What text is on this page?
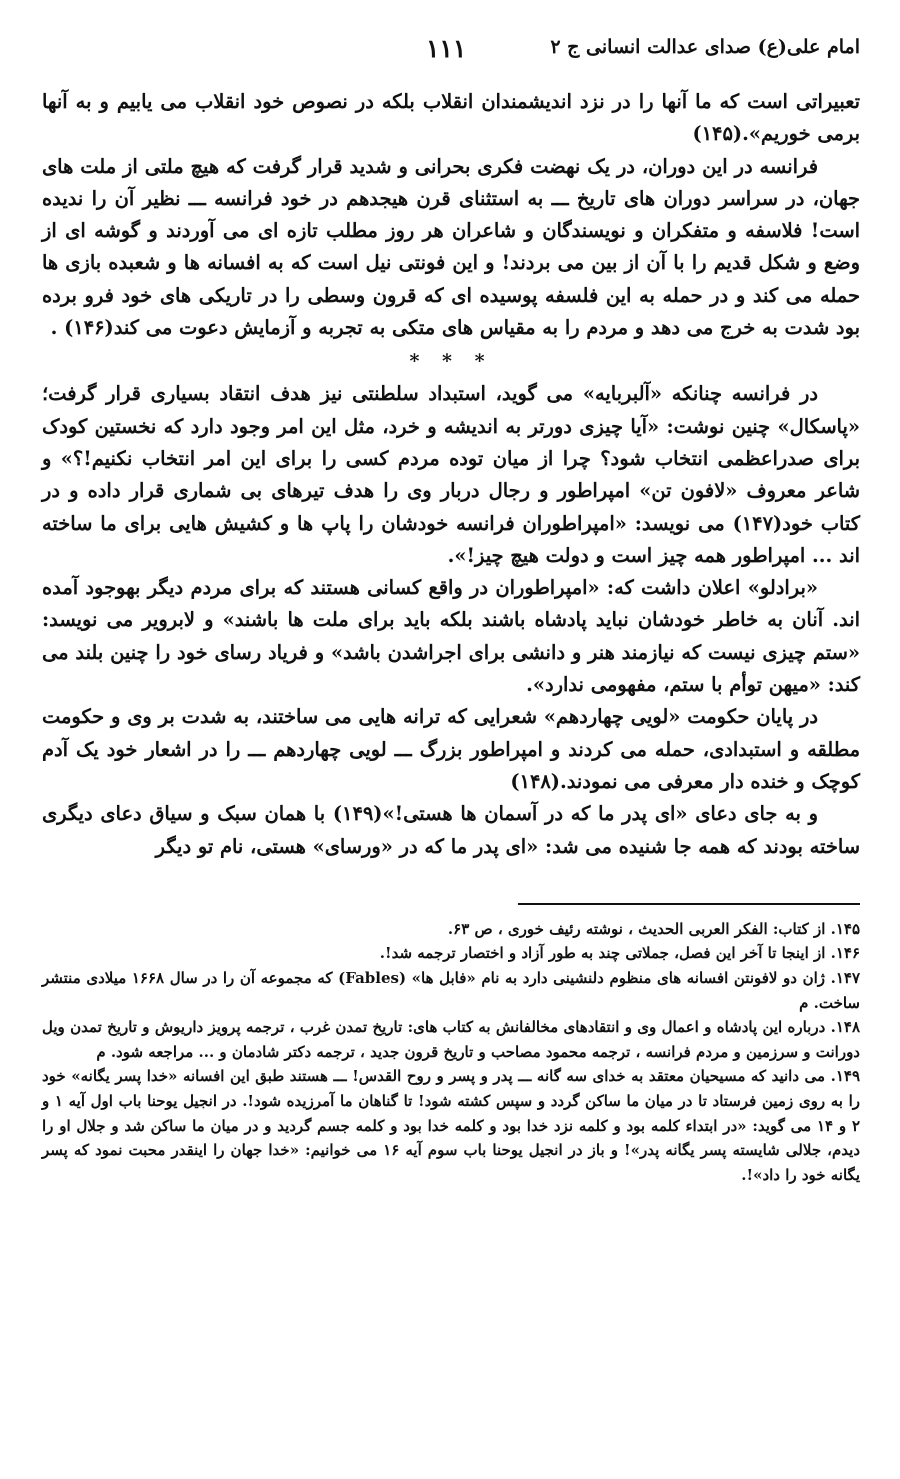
امام علی(ع) صدای عدالت انسانی ج ۲
۱۱۱

تعبیراتی است که ما آنها را در نزد اندیشمندان انقلاب بلکه در نصوص خود انقلاب می یابیم و به آنها برمی خوریم».(۱۴۵)

فرانسه در این دوران، در یک نهضت فکری بحرانی و شدید قرار گرفت که هیچ ملتی از ملت های جهان، در سراسر دوران های تاریخ ـــ به استثنای قرن هیجدهم در خود فرانسه ـــ نظیر آن را ندیده است! فلاسفه و متفکران و نویسندگان و شاعران هر روز مطلب تازه ای می آوردند و گوشه ای از وضع و شکل قدیم را با آن از بین می بردند! و این فونتی نیل است که به افسانه ها و شعبده بازی ها حمله می کند و در حمله به این فلسفه پوسیده ای که قرون وسطی را در تاریکی های خود فرو برده بود شدت به خرج می دهد و مردم را به مقیاس های متکی به تجربه و آزمایش دعوت می کند(۱۴۶) .

* * *

در فرانسه چنانکه «آلبربایه» می گوید، استبداد سلطنتی نیز هدف انتقاد بسیاری قرار گرفت؛ «پاسکال» چنین نوشت: «آیا چیزی دورتر به اندیشه و خرد، مثل این امر وجود دارد که نخستین کودک برای صدراعظمی انتخاب شود؟ چرا از میان توده مردم کسی را برای این امر انتخاب نکنیم!؟» و شاعر معروف «لافون تن» امپراطور و رجال دربار وی را هدف تیرهای بی شماری قرار داده و در کتاب خود(۱۴۷) می نویسد: «امپراطوران فرانسه خودشان را پاپ ها و کشیش هایی برای ما ساخته اند ... امپراطور همه چیز است و دولت هیچ چیز!».

«برادلو» اعلان داشت که: «امپراطوران در واقع کسانی هستند که برای مردم دیگر بهوجود آمده اند. آنان به خاطر خودشان نباید پادشاه باشند بلکه باید برای ملت ها باشند» و لابرویر می نویسد: «ستم چیزی نیست که نیازمند هنر و دانشی برای اجراشدن باشد» و فریاد رسای خود را چنین بلند می کند: «میهن توأم با ستم، مفهومی ندارد».

در پایان حکومت «لویی چهاردهم» شعرایی که ترانه هایی می ساختند، به شدت بر وی و حکومت مطلقه و استبدادی، حمله می کردند و امپراطور بزرگ ـــ لویی چهاردهم ـــ را در اشعار خود یک آدم کوچک و خنده دار معرفی می نمودند.(۱۴۸)

و به جای دعای «ای پدر ما که در آسمان ها هستی!»(۱۴۹) با همان سبک و سیاق دعای دیگری ساخته بودند که همه جا شنیده می شد: «ای پدر ما که در «ورسای» هستی، نام تو دیگر

۱۴۵. از کتاب: الفکر العربی الحدیث ، نوشته رئیف خوری ، ص ۶۳.

۱۴۶. از اینجا تا آخر این فصل، جملاتی چند به طور آزاد و اختصار ترجمه شد!.

۱۴۷. ژان دو لافونتن افسانه های منظوم دلنشینی دارد به نام «فابل ها» (Fables) که مجموعه آن را در سال ۱۶۶۸ میلادی منتشر ساخت. م

۱۴۸. درباره این پادشاه و اعمال وی و انتقادهای مخالفانش به کتاب های: تاریخ تمدن غرب ، ترجمه پرویز داریوش و تاریخ تمدن ویل دورانت و سرزمین و مردم فرانسه ، ترجمه محمود مصاحب و تاریخ قرون جدید ، ترجمه دکتر شادمان و ... مراجعه شود. م

۱۴۹. می دانید که مسیحیان معتقد به خدای سه گانه ـــ پدر و پسر و روح القدس! ـــ هستند طبق این افسانه «خدا پسر یگانه» خود را به روی زمین فرستاد تا در میان ما ساکن گردد و سپس کشته شود! تا گناهان ما آمرزیده شود!. در انجیل یوحنا باب اول آیه ۱ و ۲ و ۱۴ می گوید: «در ابتداء کلمه بود و کلمه نزد خدا بود و کلمه خدا بود و کلمه جسم گردید و در میان ما ساکن شد و جلال او را دیدم، جلالی شایسته پسر یگانه پدر»! و باز در انجیل یوحنا باب سوم آیه ۱۶ می خوانیم: «خدا جهان را اینقدر محبت نمود که پسر یگانه خود را داد»!.
